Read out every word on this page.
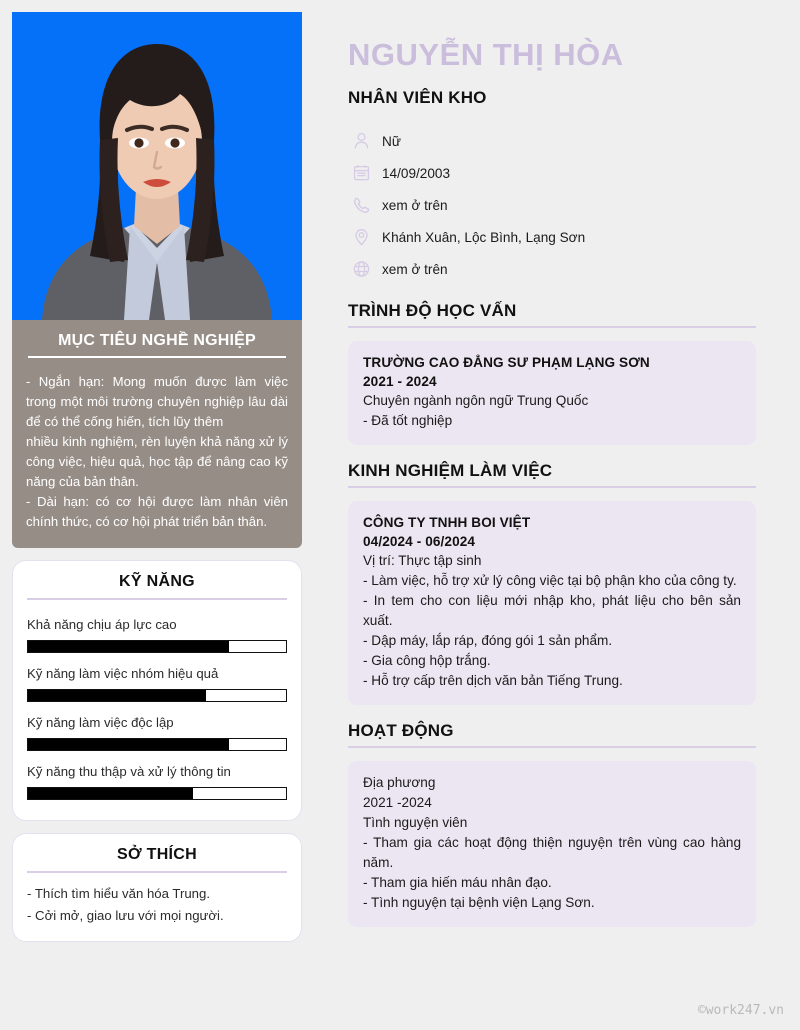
MỤC TIÊU NGHỀ NGHIỆP
- Ngắn hạn: Mong muốn được làm việc trong một môi trường chuyên nghiệp lâu dài để có thể cống hiến, tích lũy thêm
nhiều kinh nghiệm, rèn luyện khả năng xử lý công việc, hiệu quả, học tập để nâng cao kỹ năng của bản thân.
- Dài hạn: có cơ hội được làm nhân viên chính thức, có cơ hội phát triển bản thân.
KỸ NĂNG
Khả năng chịu áp lực cao
Kỹ năng làm việc nhóm hiệu quả
Kỹ năng làm việc độc lập
Kỹ năng thu thập và xử lý thông tin
SỞ THÍCH
- Thích tìm hiểu văn hóa Trung.
- Cởi mở, giao lưu với mọi người.
NGUYỄN THỊ HÒA
NHÂN VIÊN KHO
Nữ
14/09/2003
xem ở trên
Khánh Xuân, Lộc Bình, Lạng Sơn
xem ở trên
TRÌNH ĐỘ HỌC VẤN
TRƯỜNG CAO ĐẲNG SƯ PHẠM LẠNG SƠN
2021 - 2024
Chuyên ngành ngôn ngữ Trung Quốc
- Đã tốt nghiệp
KINH NGHIỆM LÀM VIỆC
CÔNG TY TNHH BOI VIỆT
04/2024 - 06/2024
Vị trí: Thực tập sinh
- Làm việc, hỗ trợ xử lý công việc tại bộ phận kho của công ty.
- In tem cho con liệu mới nhập kho, phát liệu cho bên sản xuất.
- Dập máy, lắp ráp, đóng gói 1 sản phẩm.
- Gia công hộp trắng.
- Hỗ trợ cấp trên dịch văn bản Tiếng Trung.
HOẠT ĐỘNG
Địa phương
2021 -2024
Tình nguyện viên
- Tham gia các hoạt động thiện nguyện trên vùng cao hàng năm.
- Tham gia hiến máu nhân đạo.
- Tình nguyện tại bệnh viện Lạng Sơn.
©work247.vn
